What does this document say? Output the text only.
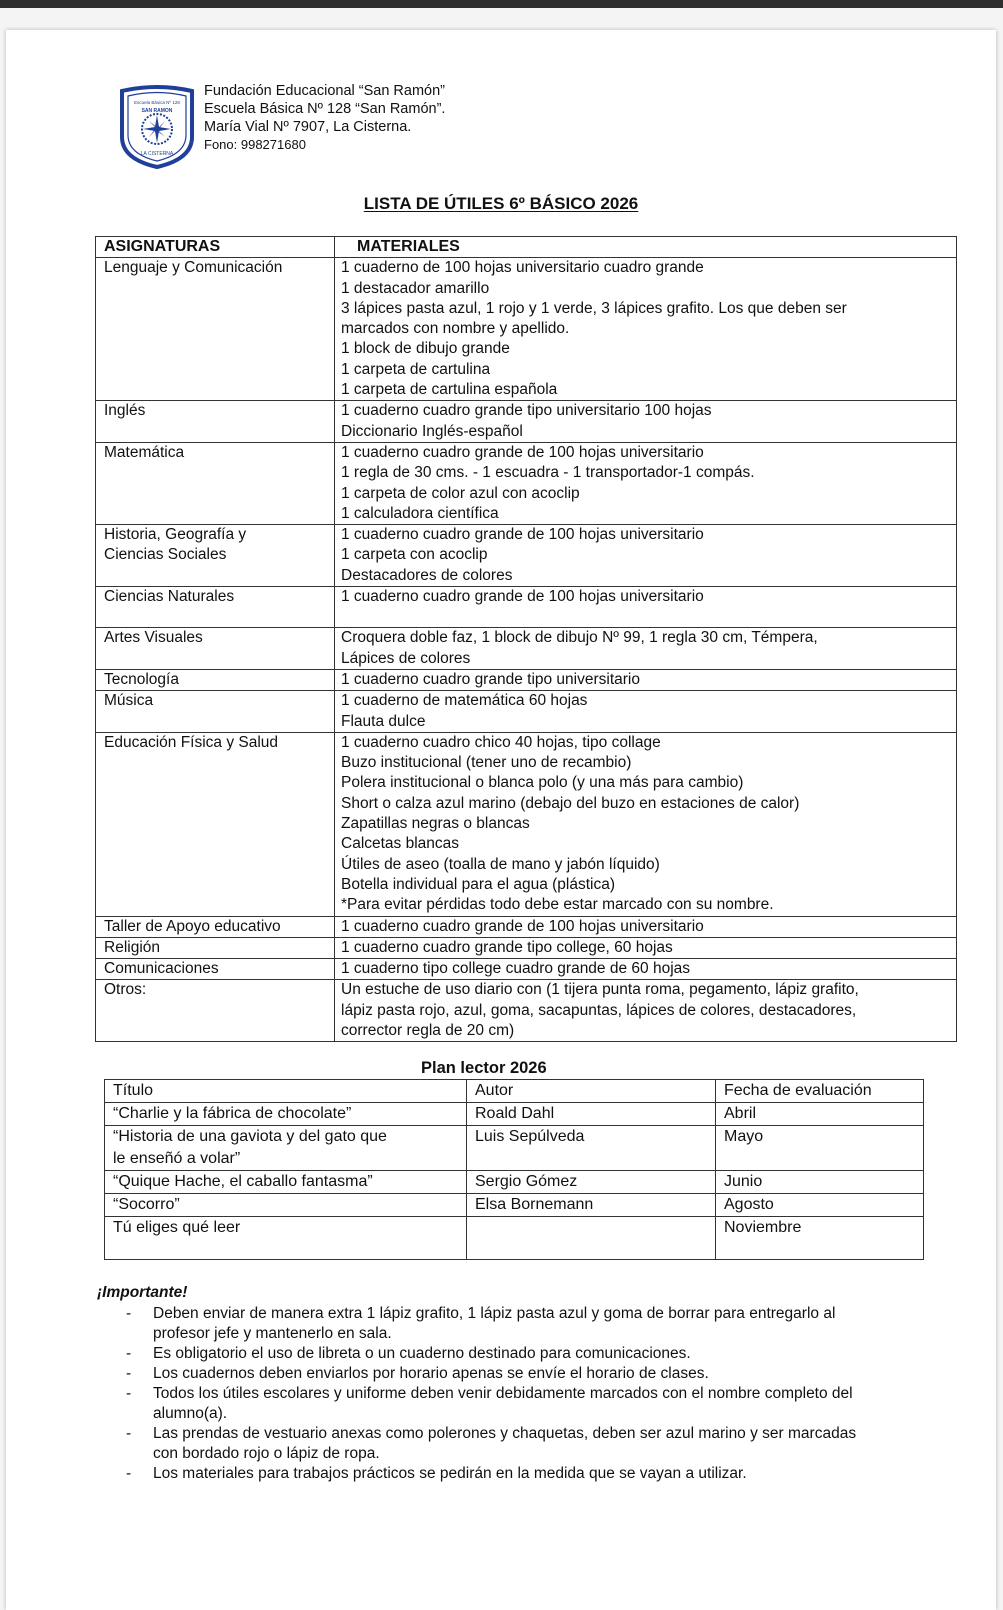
Escuela Básica Nº 128
SAN RAMON
LA CISTERNA
Fundación Educacional “San Ramón”
Escuela Básica Nº 128 “San Ramón”.
María Vial Nº 7907, La Cisterna.
Fono: 998271680
LISTA DE ÚTILES 6º BÁSICO 2026
ASIGNATURAS	MATERIALES

Lenguaje y Comunicación	1 cuaderno de 100 hojas universitario cuadro grande
1 destacador amarillo
3 lápices pasta azul, 1 rojo y 1 verde, 3 lápices grafito. Los que deben ser
marcados con nombre y apellido.
1 block de dibujo grande
1 carpeta de cartulina
1 carpeta de cartulina española

Inglés	1 cuaderno cuadro grande tipo universitario 100 hojas
Diccionario Inglés-español

Matemática	1 cuaderno cuadro grande de 100 hojas universitario
1 regla de 30 cms. - 1 escuadra - 1 transportador-1 compás.
1 carpeta de color azul con acoclip
1 calculadora científica

Historia, Geografía y
Ciencias Sociales	1 cuaderno cuadro grande de 100 hojas universitario
1 carpeta con acoclip
Destacadores de colores

Ciencias Naturales	1 cuaderno cuadro grande de 100 hojas universitario

Artes Visuales	Croquera doble faz, 1 block de dibujo Nº 99, 1 regla 30 cm, Témpera,
Lápices de colores

Tecnología	1 cuaderno cuadro grande tipo universitario

Música	1 cuaderno de matemática 60 hojas
Flauta dulce

Educación Física y Salud	1 cuaderno cuadro chico 40 hojas, tipo collage
Buzo institucional (tener uno de recambio)
Polera institucional o blanca polo (y una más para cambio)
Short o calza azul marino (debajo del buzo en estaciones de calor)
Zapatillas negras o blancas
Calcetas blancas
Útiles de aseo (toalla de mano y jabón líquido)
Botella individual para el agua (plástica)
*Para evitar pérdidas todo debe estar marcado con su nombre.

Taller de Apoyo educativo	1 cuaderno cuadro grande de 100 hojas universitario

Religión	1 cuaderno cuadro grande tipo college, 60 hojas

Comunicaciones	1 cuaderno tipo college cuadro grande de 60 hojas

Otros:	Un estuche de uso diario con (1 tijera punta roma, pegamento, lápiz grafito,
lápiz pasta rojo, azul, goma, sacapuntas, lápices de colores, destacadores,
corrector regla de 20 cm)
Plan lector 2026
Título	Autor	Fecha de evaluación

“Charlie y la fábrica de chocolate”	Roald Dahl	Abril

“Historia de una gaviota y del gato que
le enseñó a volar”	Luis Sepúlveda	Mayo

“Quique Hache, el caballo fantasma”	Sergio Gómez	Junio

“Socorro”	Elsa Bornemann	Agosto

Tú eliges qué leer		Noviembre
¡Importante!
- Deben enviar de manera extra 1 lápiz grafito, 1 lápiz pasta azul y goma de borrar para entregarlo al
profesor jefe y mantenerlo en sala.
- Es obligatorio el uso de libreta o un cuaderno destinado para comunicaciones.
- Los cuadernos deben enviarlos por horario apenas se envíe el horario de clases.
- Todos los útiles escolares y uniforme deben venir debidamente marcados con el nombre completo del
alumno(a).
- Las prendas de vestuario anexas como polerones y chaquetas, deben ser azul marino y ser marcadas
con bordado rojo o lápiz de ropa.
- Los materiales para trabajos prácticos se pedirán en la medida que se vayan a utilizar.
